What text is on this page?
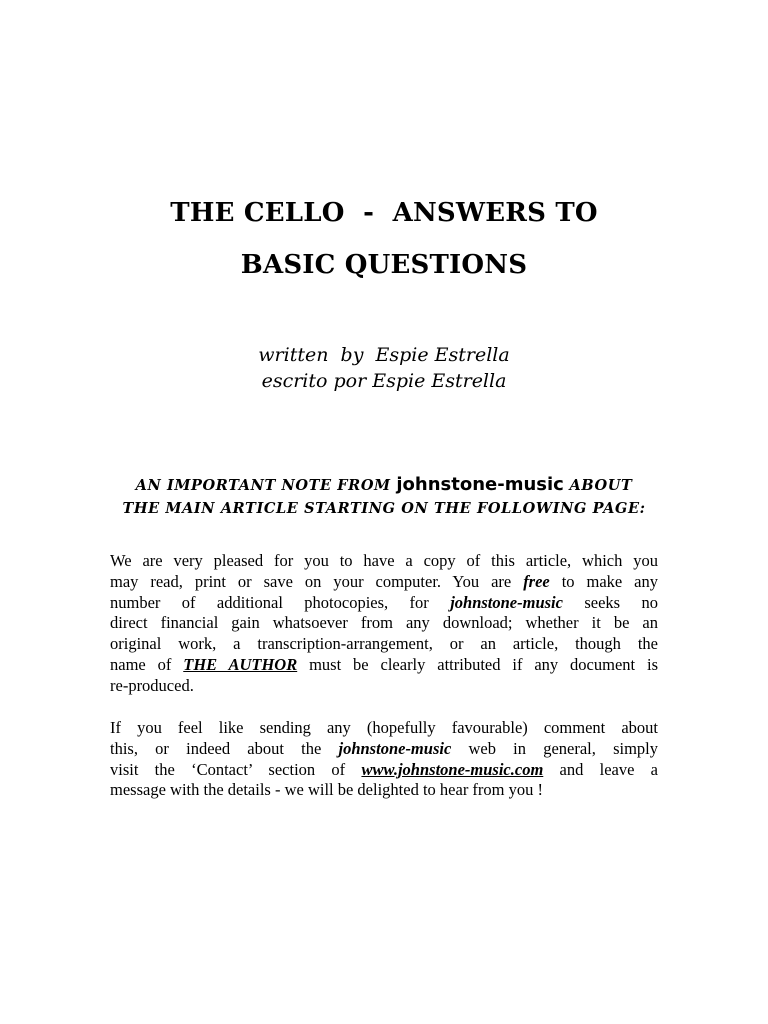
THE CELLO  -  ANSWERS TO
BASIC QUESTIONS
written  by  Espie Estrella
escrito por Espie Estrella
AN IMPORTANT NOTE FROM johnstone-music ABOUT
THE MAIN ARTICLE STARTING ON THE FOLLOWING PAGE:
We are very pleased for you to have a copy of this article, which you
may read, print or save on your computer. You are free to make any
number of additional photocopies, for johnstone-music seeks no
direct financial gain whatsoever from any download; whether it be an
original work, a transcription-arrangement, or an article, though the
name of THE AUTHOR must be clearly attributed if any document is
re-produced.
If you feel like sending any (hopefully favourable) comment about
this, or indeed about the johnstone-music web in general, simply
visit the ‘Contact’ section of www.johnstone-music.com and leave a
message with the details - we will be delighted to hear from you !
